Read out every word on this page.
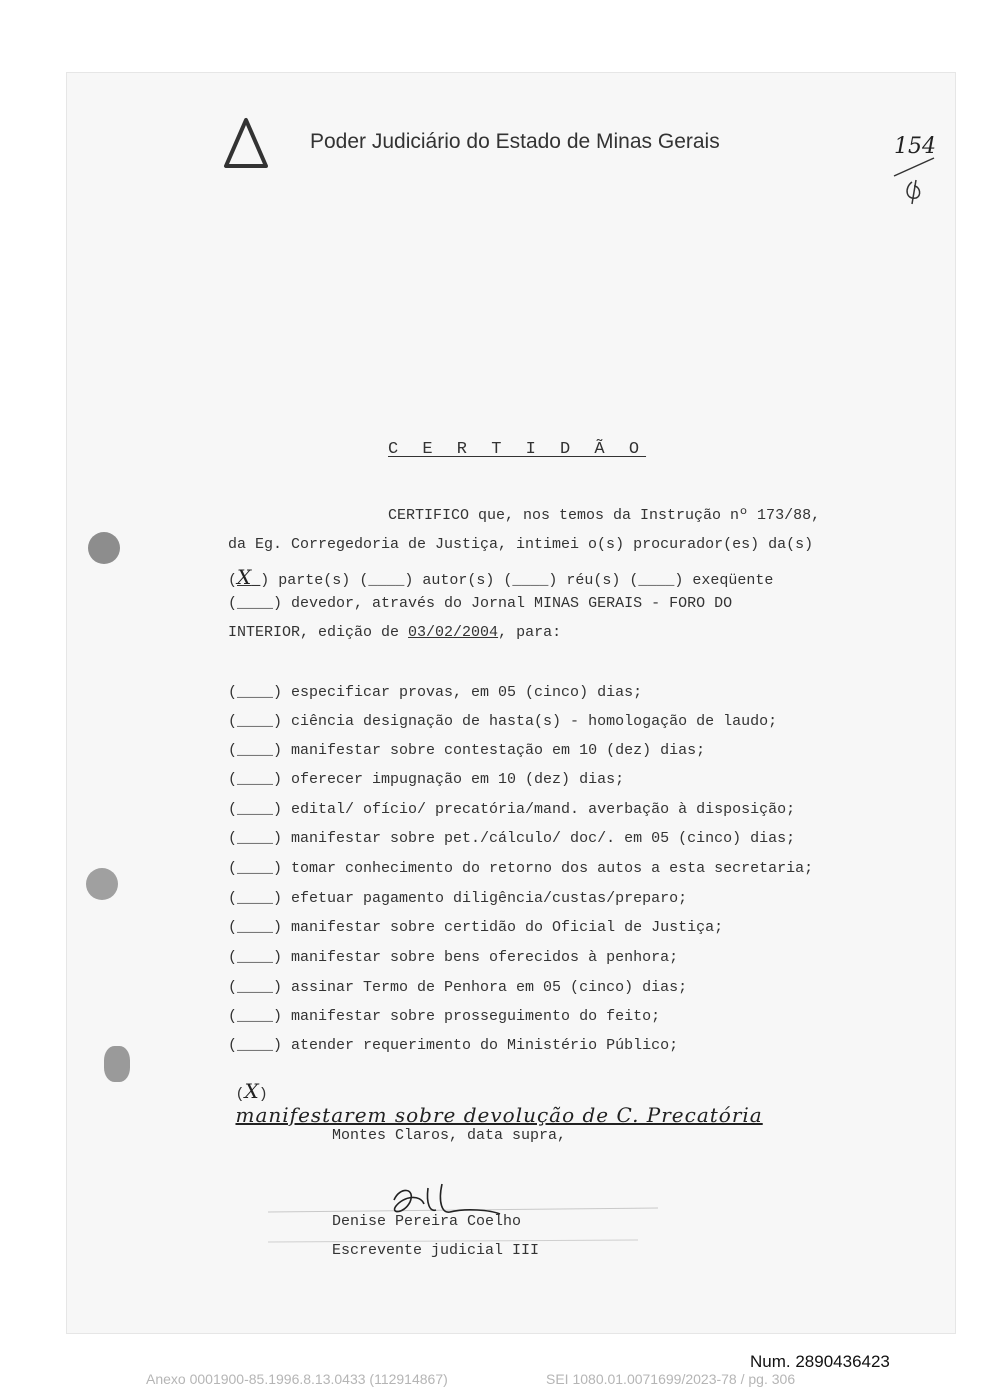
Poder Judiciário do Estado de Minas Gerais	154
C E R T I D Ã O
CERTIFICO que, nos temos da Instrução nº 173/88,
da Eg. Corregedoria de Justiça, intimei o(s) procurador(es) da(s)
(X_) parte(s) (____) autor(s) (____) réu(s) (____) exeqüente
(____) devedor, através do Jornal MINAS GERAIS - FORO DO
INTERIOR, edição de 03/02/2004, para:
(____) especificar provas, em 05 (cinco) dias;
(____) ciência designação de hasta(s) - homologação de laudo;
(____) manifestar sobre contestação em 10 (dez) dias;
(____) oferecer impugnação em 10 (dez) dias;
(____) edital/ ofício/ precatória/mand. averbação à disposição;
(____) manifestar sobre pet./cálculo/ doc/. em 05 (cinco) dias;
(____) tomar conhecimento do retorno dos autos a esta secretaria;
(____) efetuar pagamento diligência/custas/preparo;
(____) manifestar sobre certidão do Oficial de Justiça;
(____) manifestar sobre bens oferecidos à penhora;
(____) assinar Termo de Penhora em 05 (cinco) dias;
(____) manifestar sobre prosseguimento do feito;
(____) atender requerimento do Ministério Público;

(X)
manifestarem sobre devolução de C. Precatória

Montes Claros, data supra,
Denise Pereira Coelho
Escrevente judicial III
Num. 2890436423
Anexo 0001900-85.1996.8.13.0433 (112914867)	SEI 1080.01.0071699/2023-78 / pg. 306
